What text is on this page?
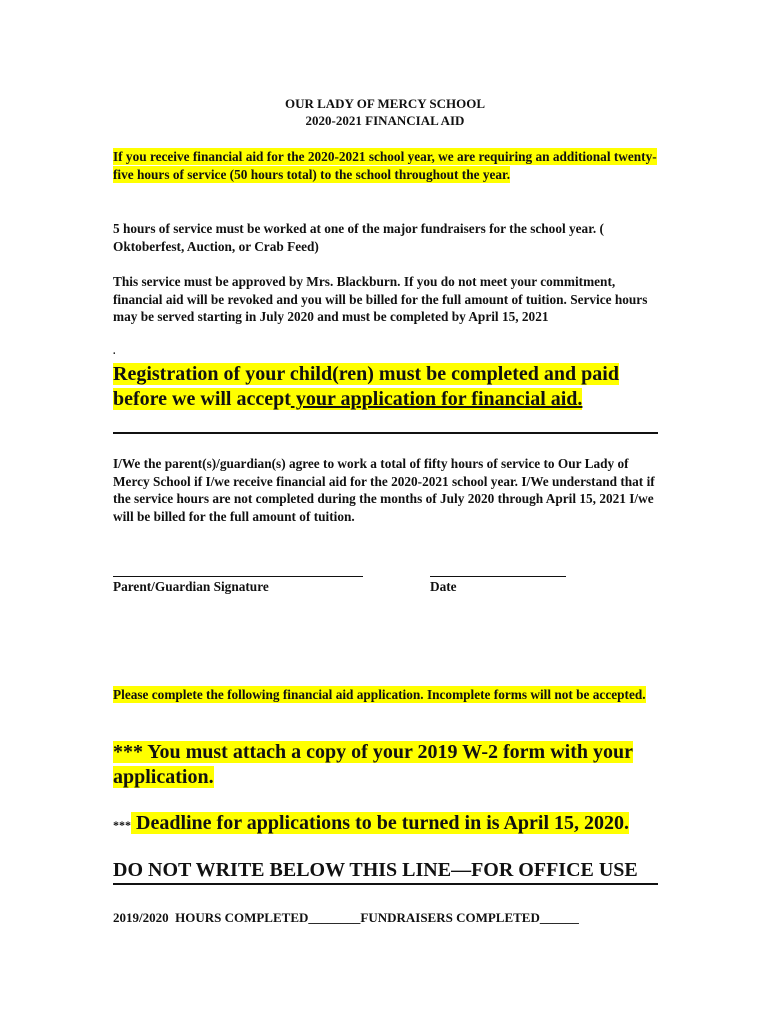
OUR LADY OF MERCY SCHOOL
2020-2021 FINANCIAL AID
If you receive financial aid for the 2020-2021 school year, we are requiring an additional twenty-five hours of service (50 hours total) to the school throughout the year.
5 hours of service must be worked at one of the major fundraisers for the school year. ( Oktoberfest, Auction, or Crab Feed)
This service must be approved by Mrs. Blackburn. If you do not meet your commitment, financial aid will be revoked and you will be billed for the full amount of tuition. Service hours may be served starting in July 2020 and must be completed by April 15, 2021
.
Registration of your child(ren) must be completed and paid before we will accept your application for financial aid.
I/We the parent(s)/guardian(s) agree to work a total of fifty hours of service to Our Lady of Mercy School if I/we receive financial aid for the 2020-2021 school year. I/We understand that if the service hours are not completed during the months of July 2020 through April 15, 2021 I/we will be billed for the full amount of tuition.
Parent/Guardian Signature	Date
Please complete the following financial aid application. Incomplete forms will not be accepted.
*** You must attach a copy of your 2019 W-2 form with your application.
*** Deadline for applications to be turned in is April 15, 2020.
DO NOT WRITE BELOW THIS LINE—FOR OFFICE USE
2019/2020  HOURS COMPLETED________FUNDRAISERS COMPLETED______
